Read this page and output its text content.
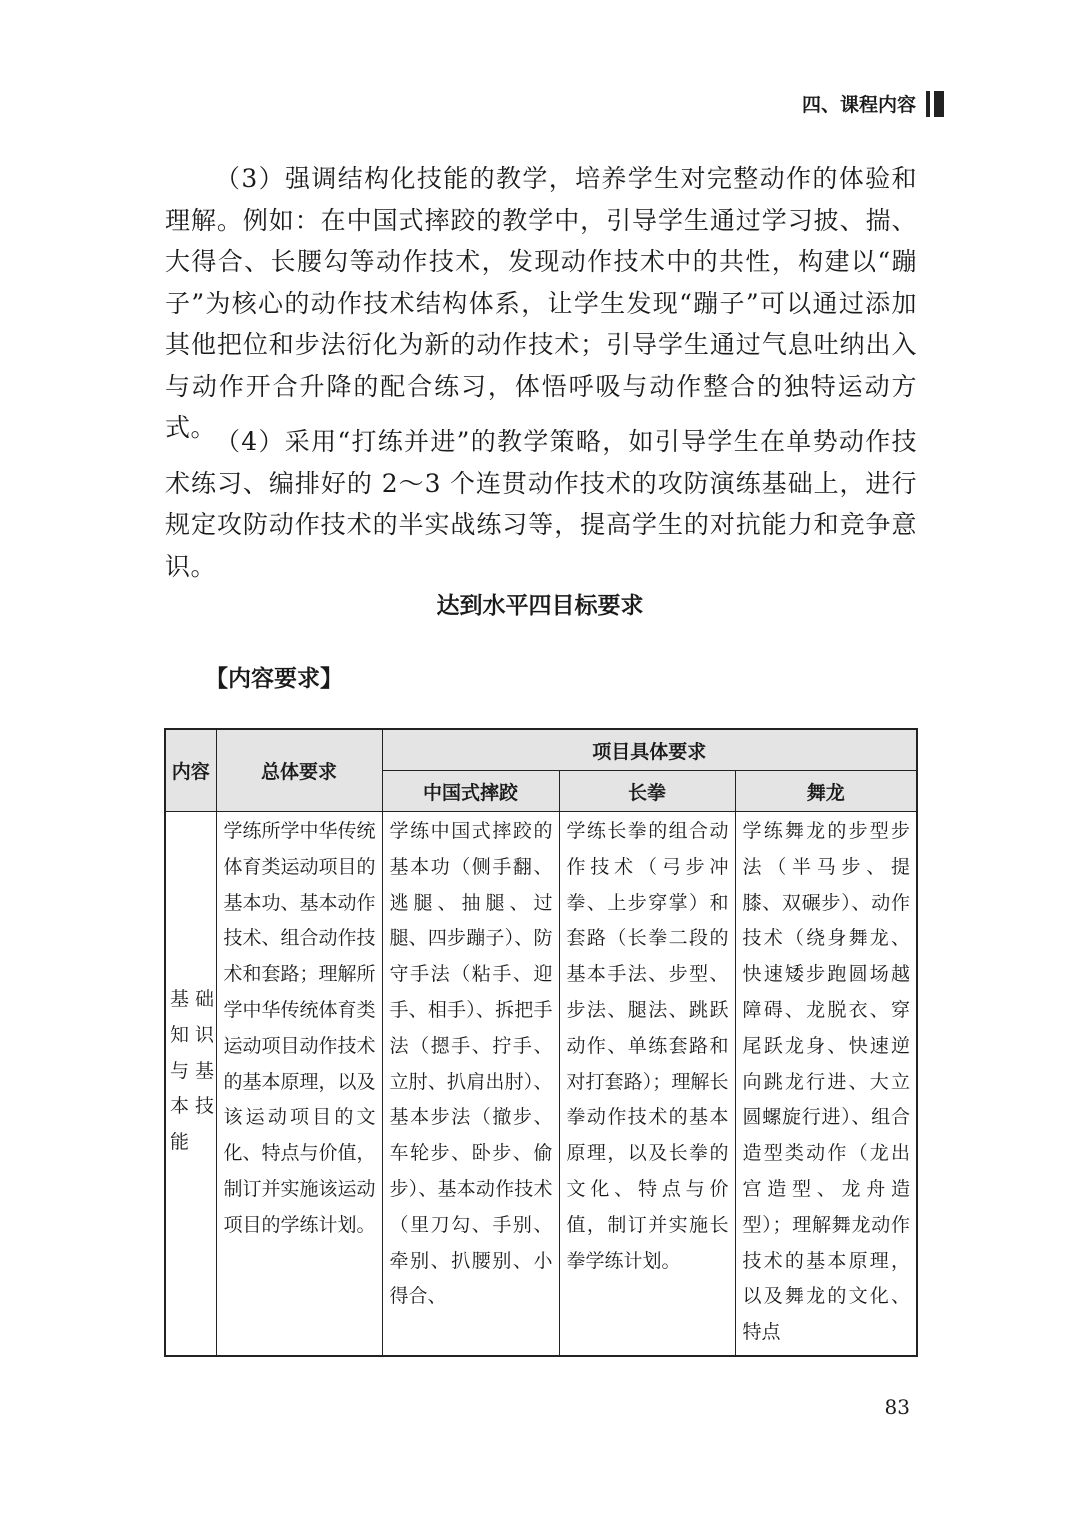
四、课程内容

（3）强调结构化技能的教学，培养学生对完整动作的体验和理解。例如：在中国式摔跤的教学中，引导学生通过学习披、揣、大得合、长腰勾等动作技术，发现动作技术中的共性，构建以“蹦子”为核心的动作技术结构体系，让学生发现“蹦子”可以通过添加其他把位和步法衍化为新的动作技术；引导学生通过气息吐纳出入与动作开合升降的配合练习，体悟呼吸与动作整合的独特运动方式。

（4）采用“打练并进”的教学策略，如引导学生在单势动作技术练习、编排好的 2～3 个连贯动作技术的攻防演练基础上，进行规定攻防动作技术的半实战练习等，提高学生的对抗能力和竞争意识。

达到水平四目标要求
【内容要求】
内容	总体要求	项目具体要求		
		中国式摔跤	长拳	舞龙

基础知识与基本技能	学练所学中华传统体育类运动项目的基本功、基本动作技术、组合动作技术和套路；理解所学中华传统体育类运动项目动作技术的基本原理，以及该运动项目的文化、特点与价值，制订并实施该运动项目的学练计划。	学练中国式摔跤的基本功（侧手翻、逃腿、抽腿、过腿、四步蹦子）、防守手法（粘手、迎手、相手）、拆把手法（摁手、拧手、立肘、扒肩出肘）、基本步法（撤步、车轮步、卧步、偷步）、基本动作技术（里刀勾、手别、牵别、扒腰别、小得合、	学练长拳的组合动作技术（弓步冲拳、上步穿掌）和套路（长拳二段的基本手法、步型、步法、腿法、跳跃动作、单练套路和对打套路）；理解长拳动作技术的基本原理，以及长拳的文化、特点与价值，制订并实施长拳学练计划。	学练舞龙的步型步法（半马步、提膝、双碾步）、动作技术（绕身舞龙、快速矮步跑圆场越障碍、龙脱衣、穿尾跃龙身、快速逆向跳龙行进、大立圆螺旋行进）、组合造型类动作（龙出宫造型、龙舟造型）；理解舞龙动作技术的基本原理，以及舞龙的文化、特点
83
